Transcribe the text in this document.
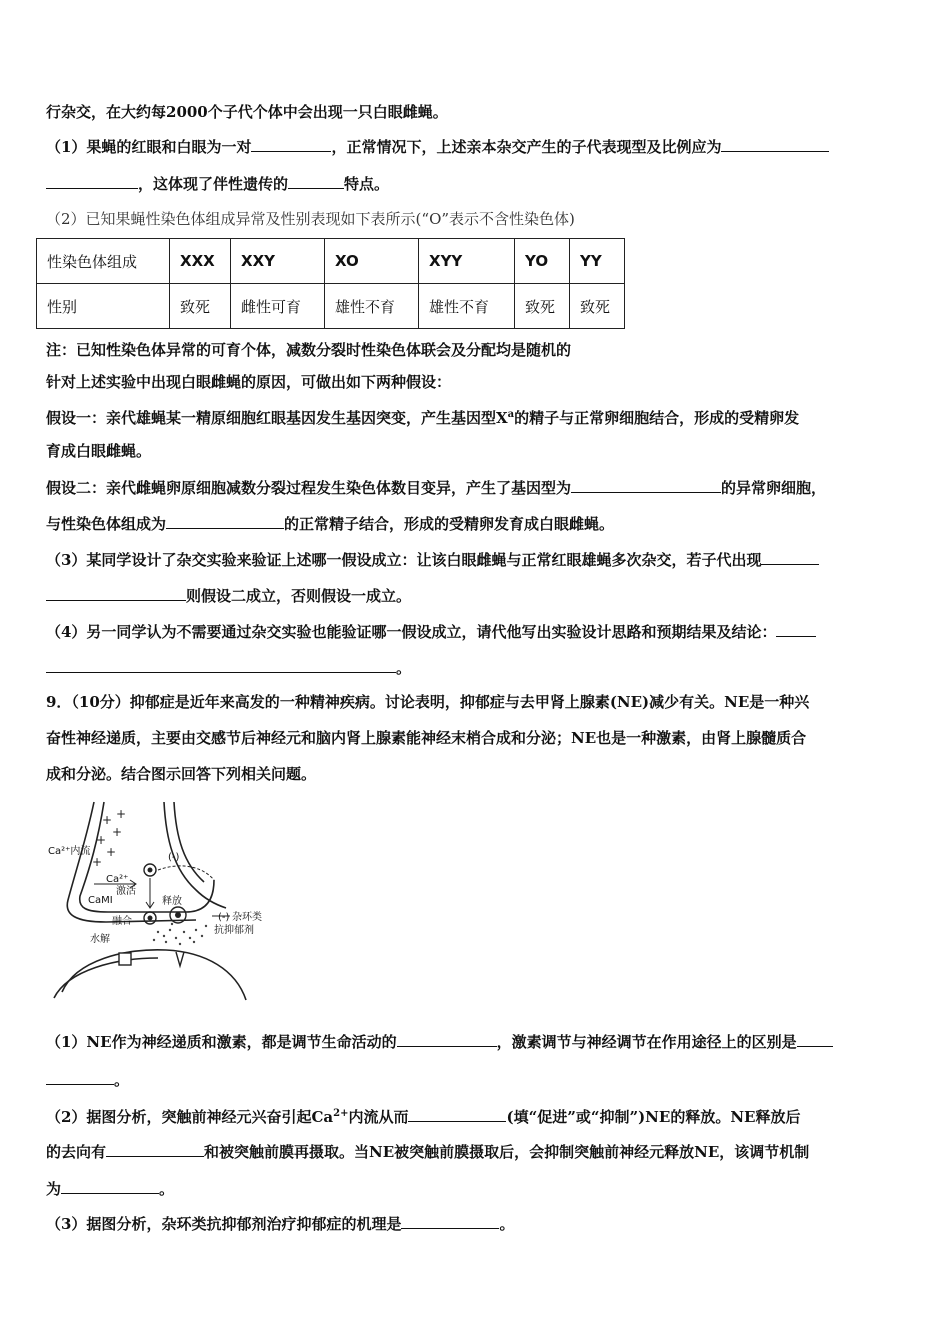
行杂交，在大约每2000个子代个体中会出现一只白眼雌蝇。
（1）果蝇的红眼和白眼为一对	，正常情况下，上述亲本杂交产生的子代表现型及比例应为
，这体现了伴性遗传的	特点。
（2）已知果蝇性染色体组成异常及性别表现如下表所示(“O”表示不含性染色体)
性染色体组成	XXX	XXY	XO	XYY	YO	YY
性别	致死	雌性可育	雄性不育	雄性不育	致死	致死
注：已知性染色体异常的可育个体，减数分裂时性染色体联会及分配均是随机的
针对上述实验中出现白眼雌蝇的原因，可做出如下两种假设：
假设一：亲代雄蝇某一精原细胞红眼基因发生基因突变，产生基因型$X^a$的精子与正常卵细胞结合，形成的受精卵发
育成白眼雌蝇。
假设二：亲代雌蝇卵原细胞减数分裂过程发生染色体数目变异，产生了基因型为	的异常卵细胞，
与性染色体组成为	的正常精子结合，形成的受精卵发育成白眼雌蝇。
（3）某同学设计了杂交实验来验证上述哪一假设成立：让该白眼雌蝇与正常红眼雄蝇多次杂交，若子代出现
则假设二成立，否则假设一成立。
（4）另一同学认为不需要通过杂交实验也能验证哪一假设成立，请代他写出实验设计思路和预期结果及结论：
。
9．（10分）抑郁症是近年来高发的一种精神疾病。讨论表明，抑郁症与去甲肾上腺素(NE)减少有关。NE是一种兴
奋性神经递质，主要由交感节后神经元和脑内肾上腺素能神经末梢合成和分泌；NE也是一种激素，由肾上腺髓质合
成和分泌。结合图示回答下列相关问题。
Ca²⁺内流
Ca²⁺
激活
CaMI	释放
融合
水解
(-)
(-) 杂环类
抗抑郁剂
+
+
+
+
+
+
（1）NE作为神经递质和激素，都是调节生命活动的	，激素调节与神经调节在作用途径上的区别是
。
（2）据图分析，突触前神经元兴奋引起$Ca^{2+}$内流从而	(填“促进”或“抑制”)NE的释放。NE释放后
的去向有	和被突触前膜再摄取。当NE被突触前膜摄取后，会抑制突触前神经元释放NE，该调节机制
为	。
（3）据图分析，杂环类抗抑郁剂治疗抑郁症的机理是	。
